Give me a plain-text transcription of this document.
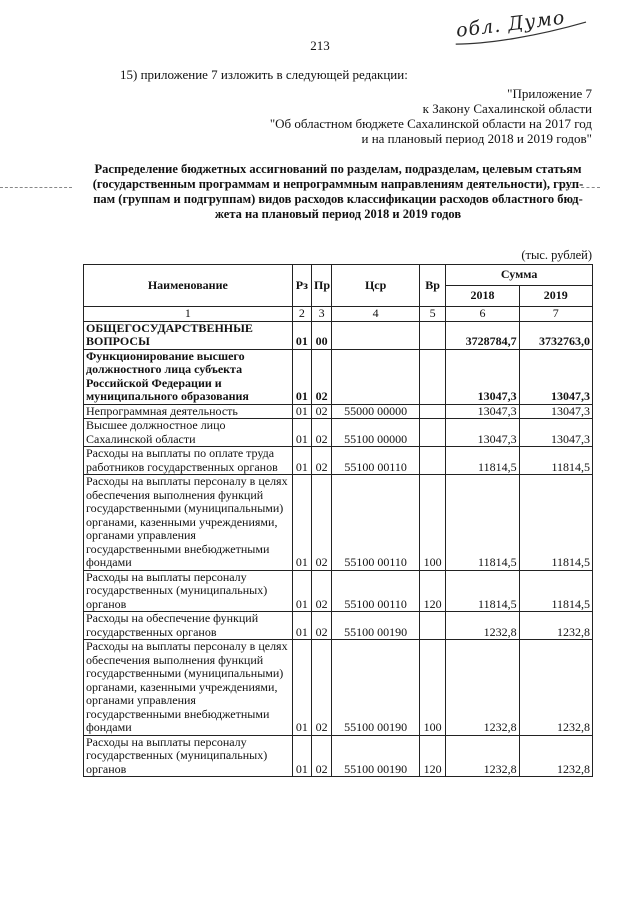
обл. Думо
213
15) приложение 7 изложить в следующей редакции:
"Приложение 7
к Закону Сахалинской области
"Об областном бюджете Сахалинской области на 2017 год
и на плановый период 2018 и 2019 годов"
Распределение бюджетных ассигнований по разделам, подразделам, целевым статьям
(государственным программам и непрограммным направлениям деятельности), груп-
пам (группам и подгруппам) видов расходов классификации расходов областного бюд-
жета на плановый период 2018 и 2019 годов
(тыс. рублей)
Наименование	Рз	Пр	Цср	Вр	Сумма	
					2018	2019
1	2	3	4	5	6	7
ОБЩЕГОСУДАРСТВЕННЫЕ ВОПРОСЫ	01	00			3728784,7	3732763,0
Функционирование высшего должностного лица субъекта Российской Федерации и муниципального образования	01	02			13047,3	13047,3
Непрограммная деятельность	01	02	55000 00000		13047,3	13047,3
Высшее должностное лицо Сахалинской области	01	02	55100 00000		13047,3	13047,3
Расходы на выплаты по оплате труда работников государственных органов	01	02	55100 00110		11814,5	11814,5
Расходы на выплаты персоналу в целях обеспечения выполнения функций государственными (муниципальными) органами, казенными учреждениями, органами управления государственными внебюджетными фондами	01	02	55100 00110	100	11814,5	11814,5
Расходы на выплаты персоналу государственных (муниципальных) органов	01	02	55100 00110	120	11814,5	11814,5
Расходы на обеспечение функций государственных органов	01	02	55100 00190		1232,8	1232,8
Расходы на выплаты персоналу в целях обеспечения выполнения функций государственными (муниципальными) органами, казенными учреждениями, органами управления государственными внебюджетными фондами	01	02	55100 00190	100	1232,8	1232,8
Расходы на выплаты персоналу государственных (муниципальных) органов	01	02	55100 00190	120	1232,8	1232,8
